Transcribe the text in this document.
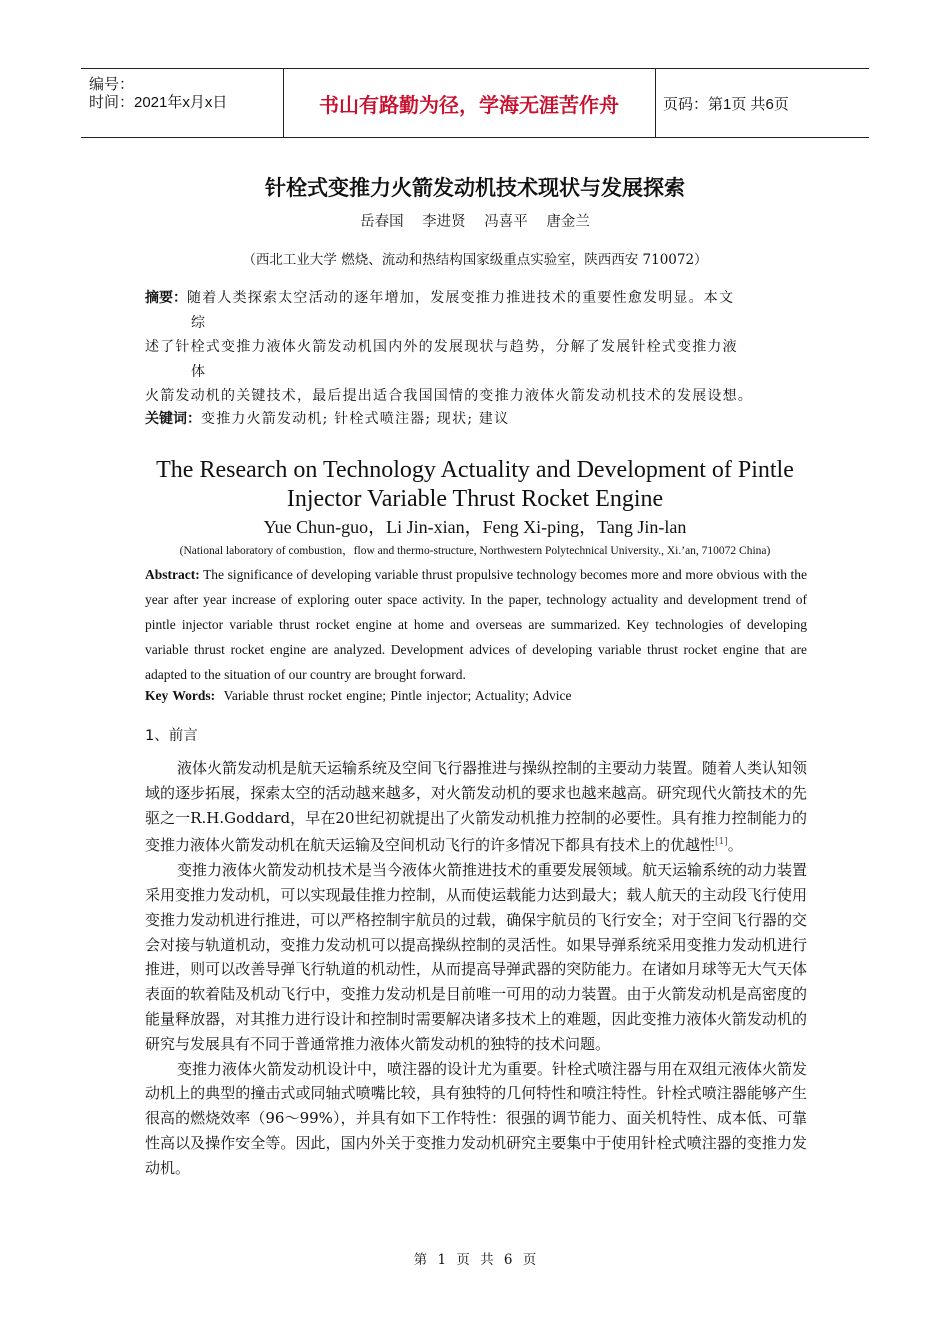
编号：
时间：2021年x月x日	书山有路勤为径，学海无涯苦作舟	页码：第1页 共6页
针栓式变推力火箭发动机技术现状与发展探索
岳春国 李进贤 冯喜平 唐金兰
（西北工业大学 燃烧、流动和热结构国家级重点实验室，陕西西安 710072）
摘要：随着人类探索太空活动的逐年增加，发展变推力推进技术的重要性愈发明显。本文
综
述了针栓式变推力液体火箭发动机国内外的发展现状与趋势，分解了发展针栓式变推力液
体
火箭发动机的关键技术，最后提出适合我国国情的变推力液体火箭发动机技术的发展设想。
关键词：变推力火箭发动机; 针栓式喷注器; 现状; 建议
The Research on Technology Actuality and Development of Pintle
Injector Variable Thrust Rocket Engine
Yue Chun-guo，Li Jin-xian，Feng Xi-ping，Tang Jin-lan
(National laboratory of combustion，flow and thermo-structure, Northwestern Polytechnical University., Xi.’an, 710072 China)
Abstract: The significance of developing variable thrust propulsive technology becomes more and more obvious with the year after year increase of exploring outer space activity. In the paper, technology actuality and development trend of pintle injector variable thrust rocket engine at home and overseas are summarized. Key technologies of developing variable thrust rocket engine are analyzed. Development advices of developing variable thrust rocket engine that are adapted to the situation of our country are brought forward.
Key Words: Variable thrust rocket engine; Pintle injector; Actuality; Advice
1、前言

液体火箭发动机是航天运输系统及空间飞行器推进与操纵控制的主要动力装置。随着人类认知领域的逐步拓展，探索太空的活动越来越多，对火箭发动机的要求也越来越高。研究现代火箭技术的先驱之一R.H.Goddard，早在20世纪初就提出了火箭发动机推力控制的必要性。具有推力控制能力的变推力液体火箭发动机在航天运输及空间机动飞行的许多情况下都具有技术上的优越性[1]。

变推力液体火箭发动机技术是当今液体火箭推进技术的重要发展领域。航天运输系统的动力装置采用变推力发动机，可以实现最佳推力控制，从而使运载能力达到最大；载人航天的主动段飞行使用变推力发动机进行推进，可以严格控制宇航员的过载，确保宇航员的飞行安全；对于空间飞行器的交会对接与轨道机动，变推力发动机可以提高操纵控制的灵活性。如果导弹系统采用变推力发动机进行推进，则可以改善导弹飞行轨道的机动性，从而提高导弹武器的突防能力。在诸如月球等无大气天体表面的软着陆及机动飞行中，变推力发动机是目前唯一可用的动力装置。由于火箭发动机是高密度的能量释放器，对其推力进行设计和控制时需要解决诸多技术上的难题，因此变推力液体火箭发动机的研究与发展具有不同于普通常推力液体火箭发动机的独特的技术问题。

变推力液体火箭发动机设计中，喷注器的设计尤为重要。针栓式喷注器与用在双组元液体火箭发动机上的典型的撞击式或同轴式喷嘴比较，具有独特的几何特性和喷注特性。针栓式喷注器能够产生很高的燃烧效率（96～99%），并具有如下工作特性：很强的调节能力、面关机特性、成本低、可靠性高以及操作安全等。因此，国内外关于变推力发动机研究主要集中于使用针栓式喷注器的变推力发动机。

第 1 页 共 6 页
